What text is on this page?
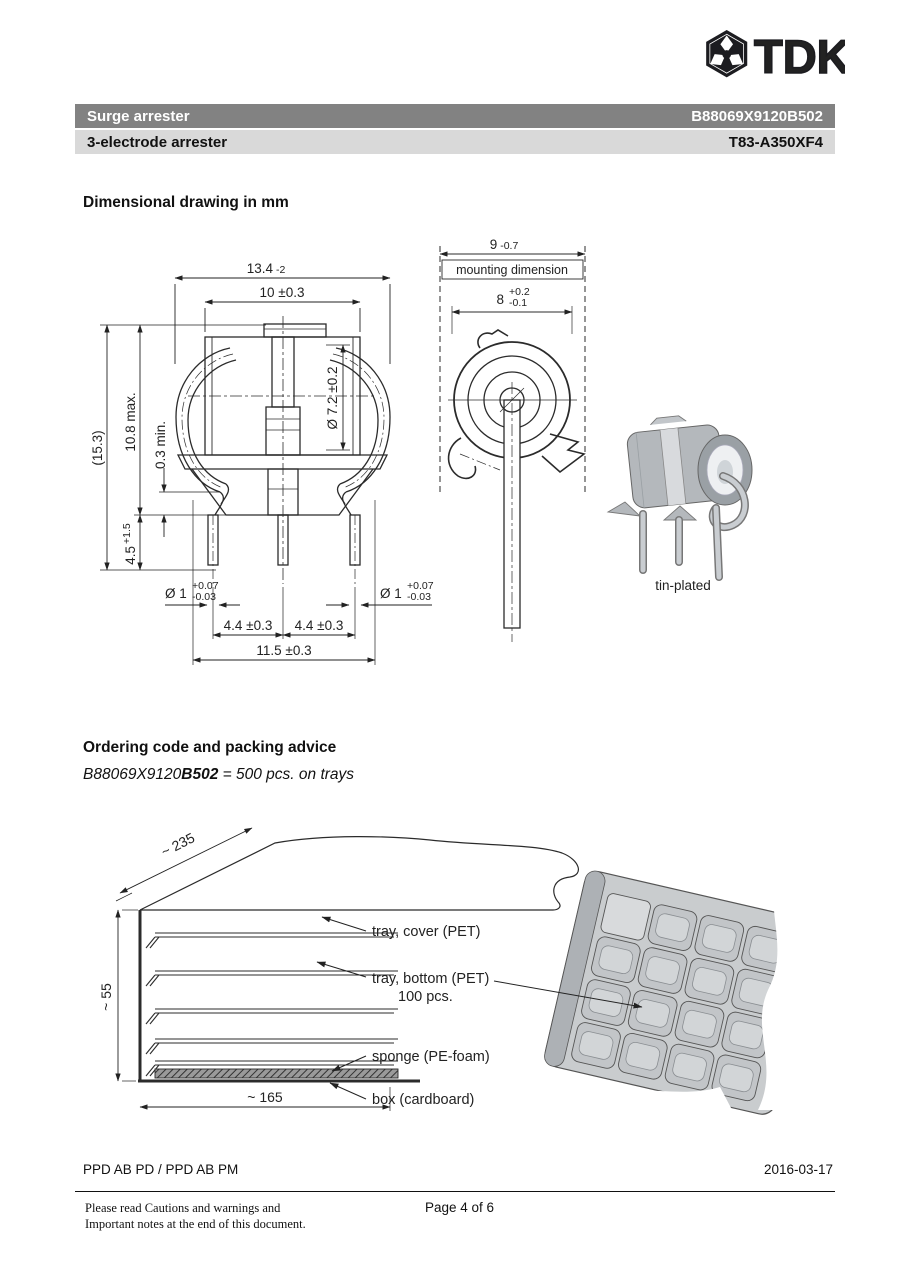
TDK
Surge arrester	B88069X9120B502
3-electrode arrester	T83-A350XF4
Dimensional drawing in mm
13.4 -2
10 ±0.3
(15.3) 10.8 max. 0.3 min.
$4.5^{+1.5}$
Ø 7.2 ±0.2
Ø 1 +0.07
-0.03	Ø 1 +0.07
-0.03
4.4 ±0.3 4.4 ±0.3
11.5 ±0.3
9 -0.7
mounting dimension
8 +0.2
-0.1
tin-plated
Ordering code and packing advice
B88069X9120B502 = 500 pcs. on trays
~ 235
~ 55
~ 165
tray, cover (PET)
tray, bottom (PET)
100 pcs.
sponge (PE-foam)
box (cardboard)
PPD AB PD / PPD AB PM	2016-03-17
Please read Cautions and warnings and
Important notes at the end of this document.
Page 4 of 6
